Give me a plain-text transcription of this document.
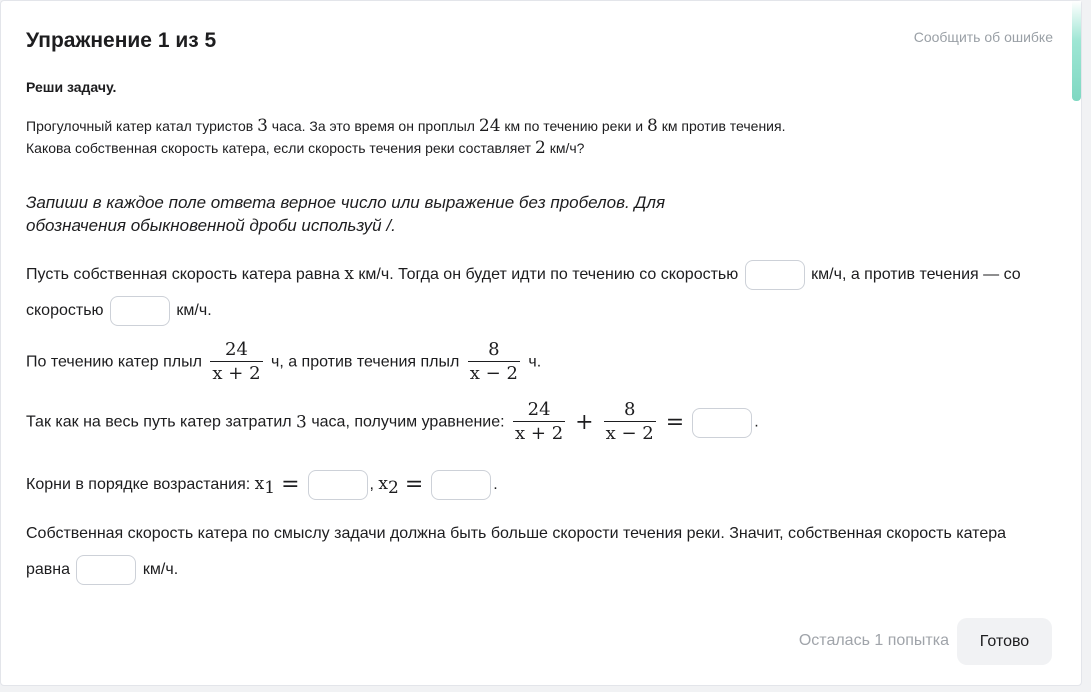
Упражнение 1 из 5	Сообщить об ошибке
Реши задачу.
Прогулочный катер катал туристов 3 часа. За это время он проплыл 24 км по течению реки и 8 км против течения. Какова собственная скорость катера, если скорость течения реки составляет 2 км/ч?
Запиши в каждое поле ответа верное число или выражение без пробелов. Для обозначения обыкновенной дроби используй /.
Пусть собственная скорость катера равна x км/ч. Тогда он будет идти по течению со скоростью	км/ч, а против течения — со скоростью	км/ч.
По течению катер плыл $\frac{24}{x + 2} ч$, а против течения плыл $\frac{8}{x - 2} ч$.
Так как на весь путь катер затратил 3 часа, получим уравнение: $\frac{24}{x + 2} + \frac{8}{x - 2}$ =	.
Корни в порядке возрастания: $x_1$ =	, $x_2$ =	.
Собственная скорость катера по смыслу задачи должна быть больше скорости течения реки. Значит, собственная скорость катера равна	км/ч.
Осталась 1 попытка	Готово
